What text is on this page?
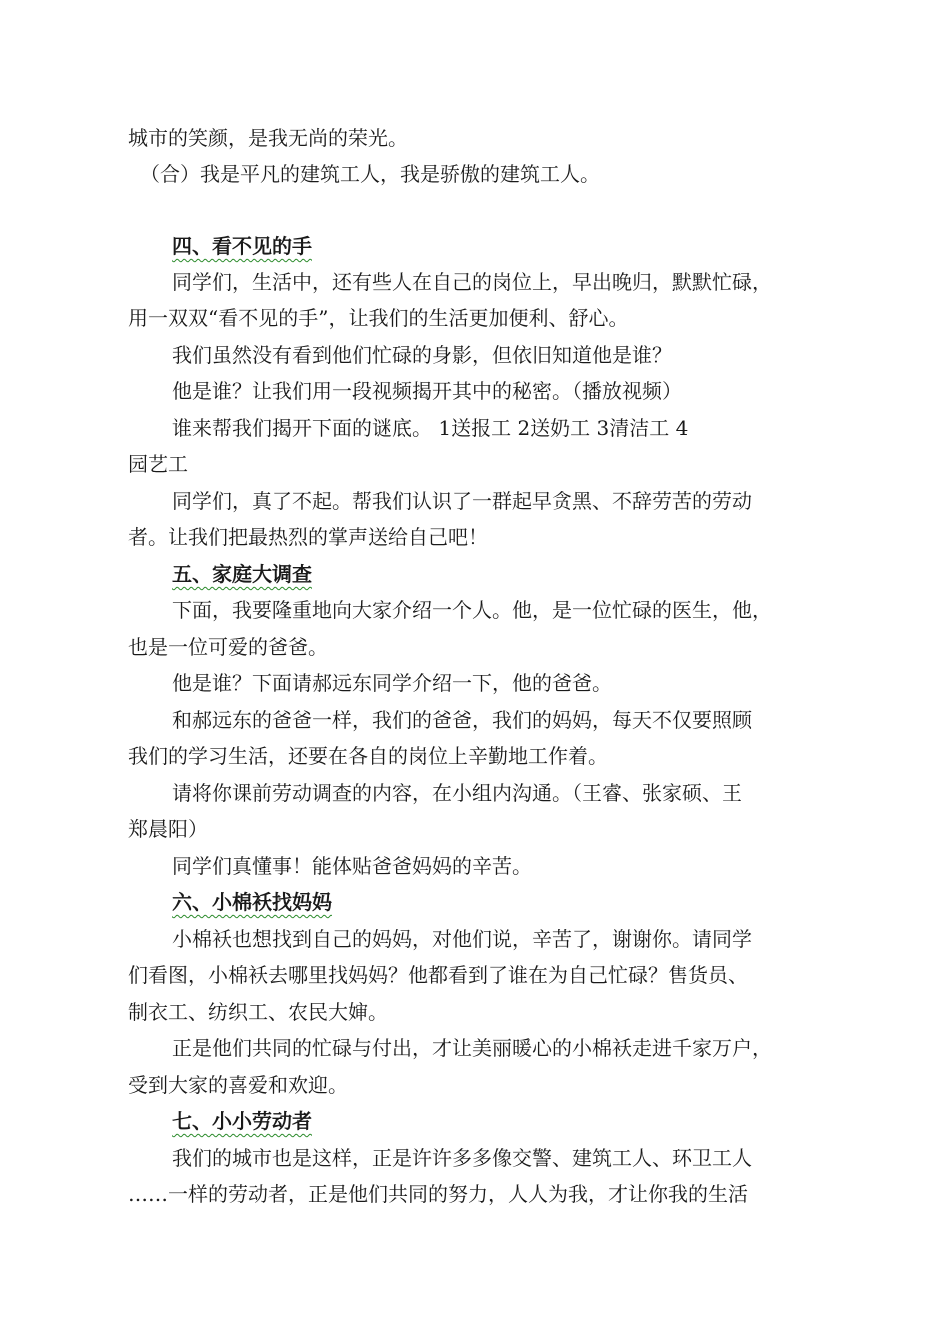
城市的笑颜，是我无尚的荣光。
（合）我是平凡的建筑工人，我是骄傲的建筑工人。
四、看不见的手
同学们，生活中，还有些人在自己的岗位上，早出晚归，默默忙碌，
用一双双“看不见的手”，让我们的生活更加便利、舒心。
我们虽然没有看到他们忙碌的身影，但依旧知道他是谁？
他是谁？让我们用一段视频揭开其中的秘密。（播放视频）
谁来帮我们揭开下面的谜底。 1送报工 2送奶工 3清洁工 4
园艺工
同学们，真了不起。帮我们认识了一群起早贪黑、不辞劳苦的劳动
者。让我们把最热烈的掌声送给自己吧！
五、家庭大调查
下面，我要隆重地向大家介绍一个人。他，是一位忙碌的医生，他，
也是一位可爱的爸爸。
他是谁？下面请郝远东同学介绍一下，他的爸爸。
和郝远东的爸爸一样，我们的爸爸，我们的妈妈，每天不仅要照顾
我们的学习生活，还要在各自的岗位上辛勤地工作着。
请将你课前劳动调查的内容，在小组内沟通。（王睿、张家硕、王
郑晨阳）
同学们真懂事！能体贴爸爸妈妈的辛苦。
六、小棉袄找妈妈
小棉袄也想找到自己的妈妈，对他们说，辛苦了，谢谢你。请同学
们看图，小棉袄去哪里找妈妈？他都看到了谁在为自己忙碌？售货员、
制衣工、纺织工、农民大婶。
正是他们共同的忙碌与付出，才让美丽暖心的小棉袄走进千家万户，
受到大家的喜爱和欢迎。
七、小小劳动者
我们的城市也是这样，正是许许多多像交警、建筑工人、环卫工人
……一样的劳动者，正是他们共同的努力，人人为我，才让你我的生活
